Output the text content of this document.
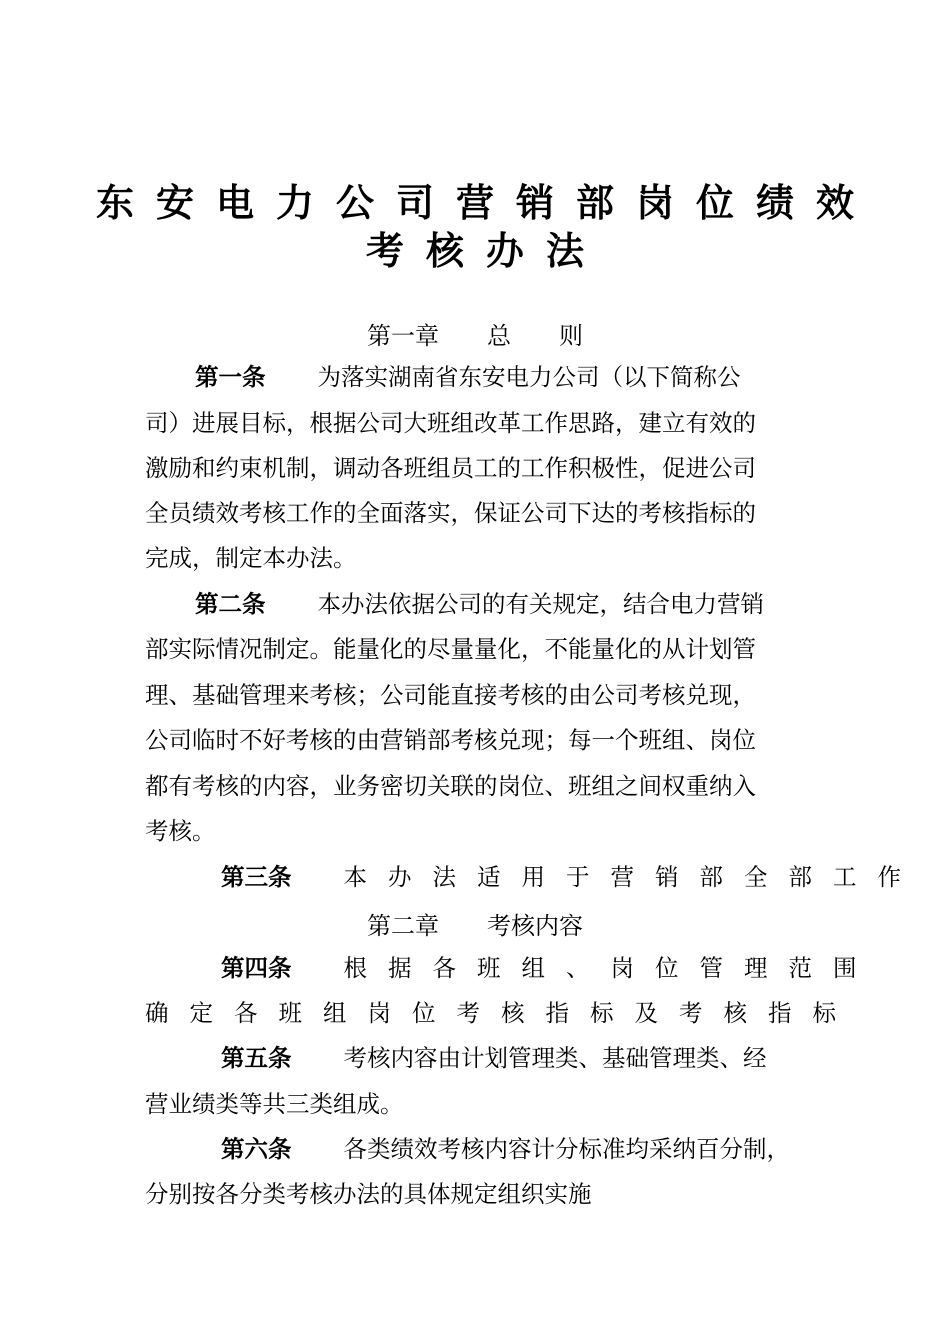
东安电力公司营销部岗位绩效
考核办法
第一章 总 则
第一条 为落实湖南省东安电力公司（以下简称公
司）进展目标，根据公司大班组改革工作思路，建立有效的
激励和约束机制，调动各班组员工的工作积极性，促进公司
全员绩效考核工作的全面落实，保证公司下达的考核指标的
完成，制定本办法。
第二条 本办法依据公司的有关规定，结合电力营销
部实际情况制定。能量化的尽量量化，不能量化的从计划管
理、基础管理来考核；公司能直接考核的由公司考核兑现，
公司临时不好考核的由营销部考核兑现；每一个班组、岗位
都有考核的内容，业务密切关联的岗位、班组之间权重纳入
考核。
第三条 本办法适用于营销部全部工作
第二章 考核内容
第四条 根据各班组、岗位管理范围
确定各班组岗位考核指标及考核指标
第五条 考核内容由计划管理类、基础管理类、经
营业绩类等共三类组成。
第六条 各类绩效考核内容计分标准均采纳百分制，
分别按各分类考核办法的具体规定组织实施
